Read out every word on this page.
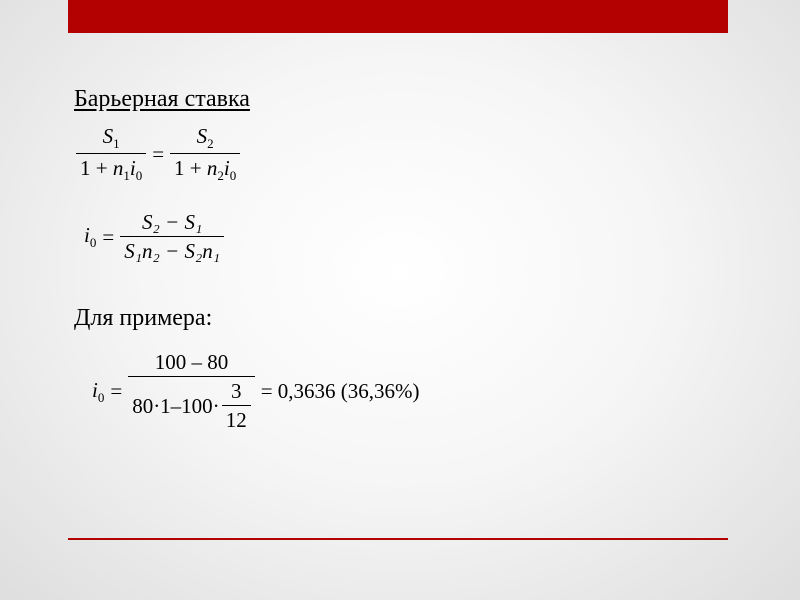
Барьерная ставка
$\frac{S_1}{1 + n_1i_0} = \frac{S_2}{1 + n_2i_0}$
$i_0 = \frac{\text{S₂ − S₁}}{\text{S₁n₂ − S₂n₁}}$
Для примера:
$i_0 = \frac{100 - 80}{80\cdot 1-100\cdot \frac{3}{12}} = 0,3636$ (36,36%)
